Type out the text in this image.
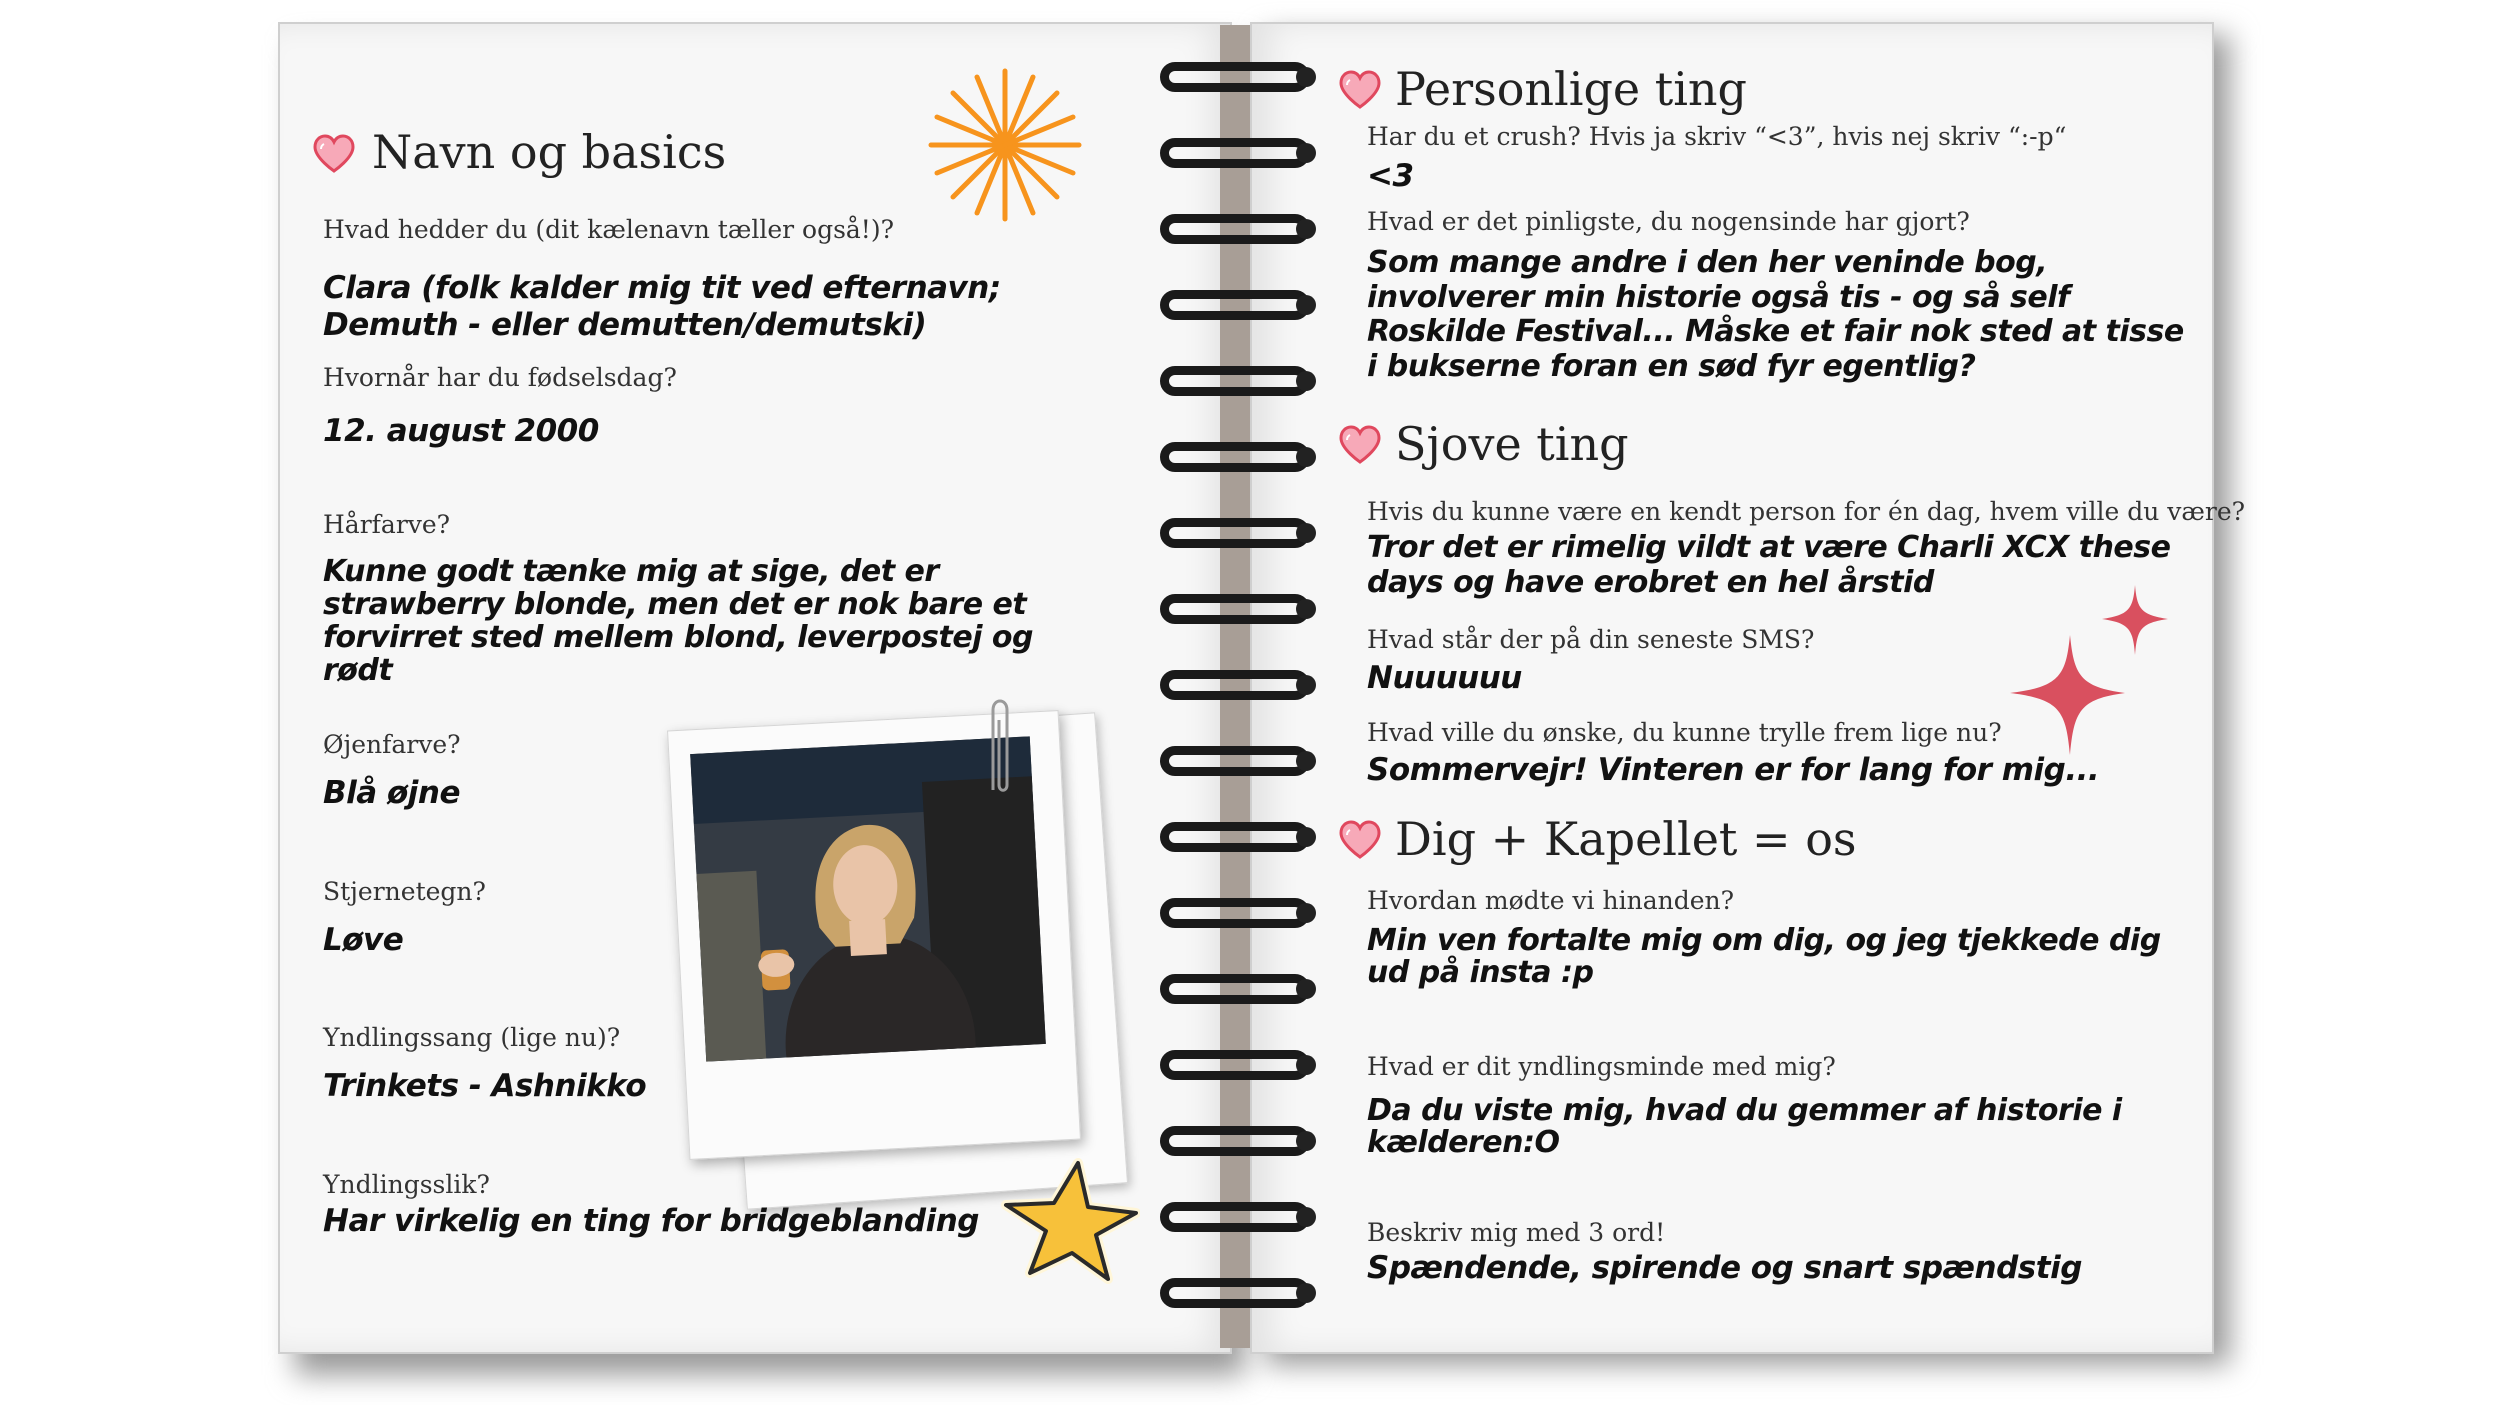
Navn og basics
Hvad hedder du (dit kælenavn tæller også!)?
Clara (folk kalder mig tit ved efternavn;
Demuth - eller demutten/demutski)
Hvornår har du fødselsdag?
12. august 2000
Hårfarve?
Kunne godt tænke mig at sige, det er
strawberry blonde, men det er nok bare et
forvirret sted mellem blond, leverpostej og rødt
Øjenfarve?
Blå øjne
Stjernetegn?
Løve
Yndlingssang (lige nu)?
Trinkets - Ashnikko
Yndlingsslik?
Har virkelig en ting for bridgeblanding
Personlige ting
Har du et crush? Hvis ja skriv “<3”, hvis nej skriv “:-p“
<3
Hvad er det pinligste, du nogensinde har gjort?
Som mange andre i den her veninde bog,
involverer min historie også tis - og så self
Roskilde Festival... Måske et fair nok sted at tisse
i bukserne foran en sød fyr egentlig?
Sjove ting
Hvis du kunne være en kendt person for én dag, hvem ville du være?
Tror det er rimelig vildt at være Charli XCX these
days og have erobret en hel årstid
Hvad står der på din seneste SMS?
Nuuuuuu
Hvad ville du ønske, du kunne trylle frem lige nu?
Sommervejr! Vinteren er for lang for mig...
Dig + Kapellet = os
Hvordan mødte vi hinanden?
Min ven fortalte mig om dig, og jeg tjekkede dig
ud på insta :p
Hvad er dit yndlingsminde med mig?
Da du viste mig, hvad du gemmer af historie i
kælderen:O
Beskriv mig med 3 ord!
Spændende, spirende og snart spændstig
